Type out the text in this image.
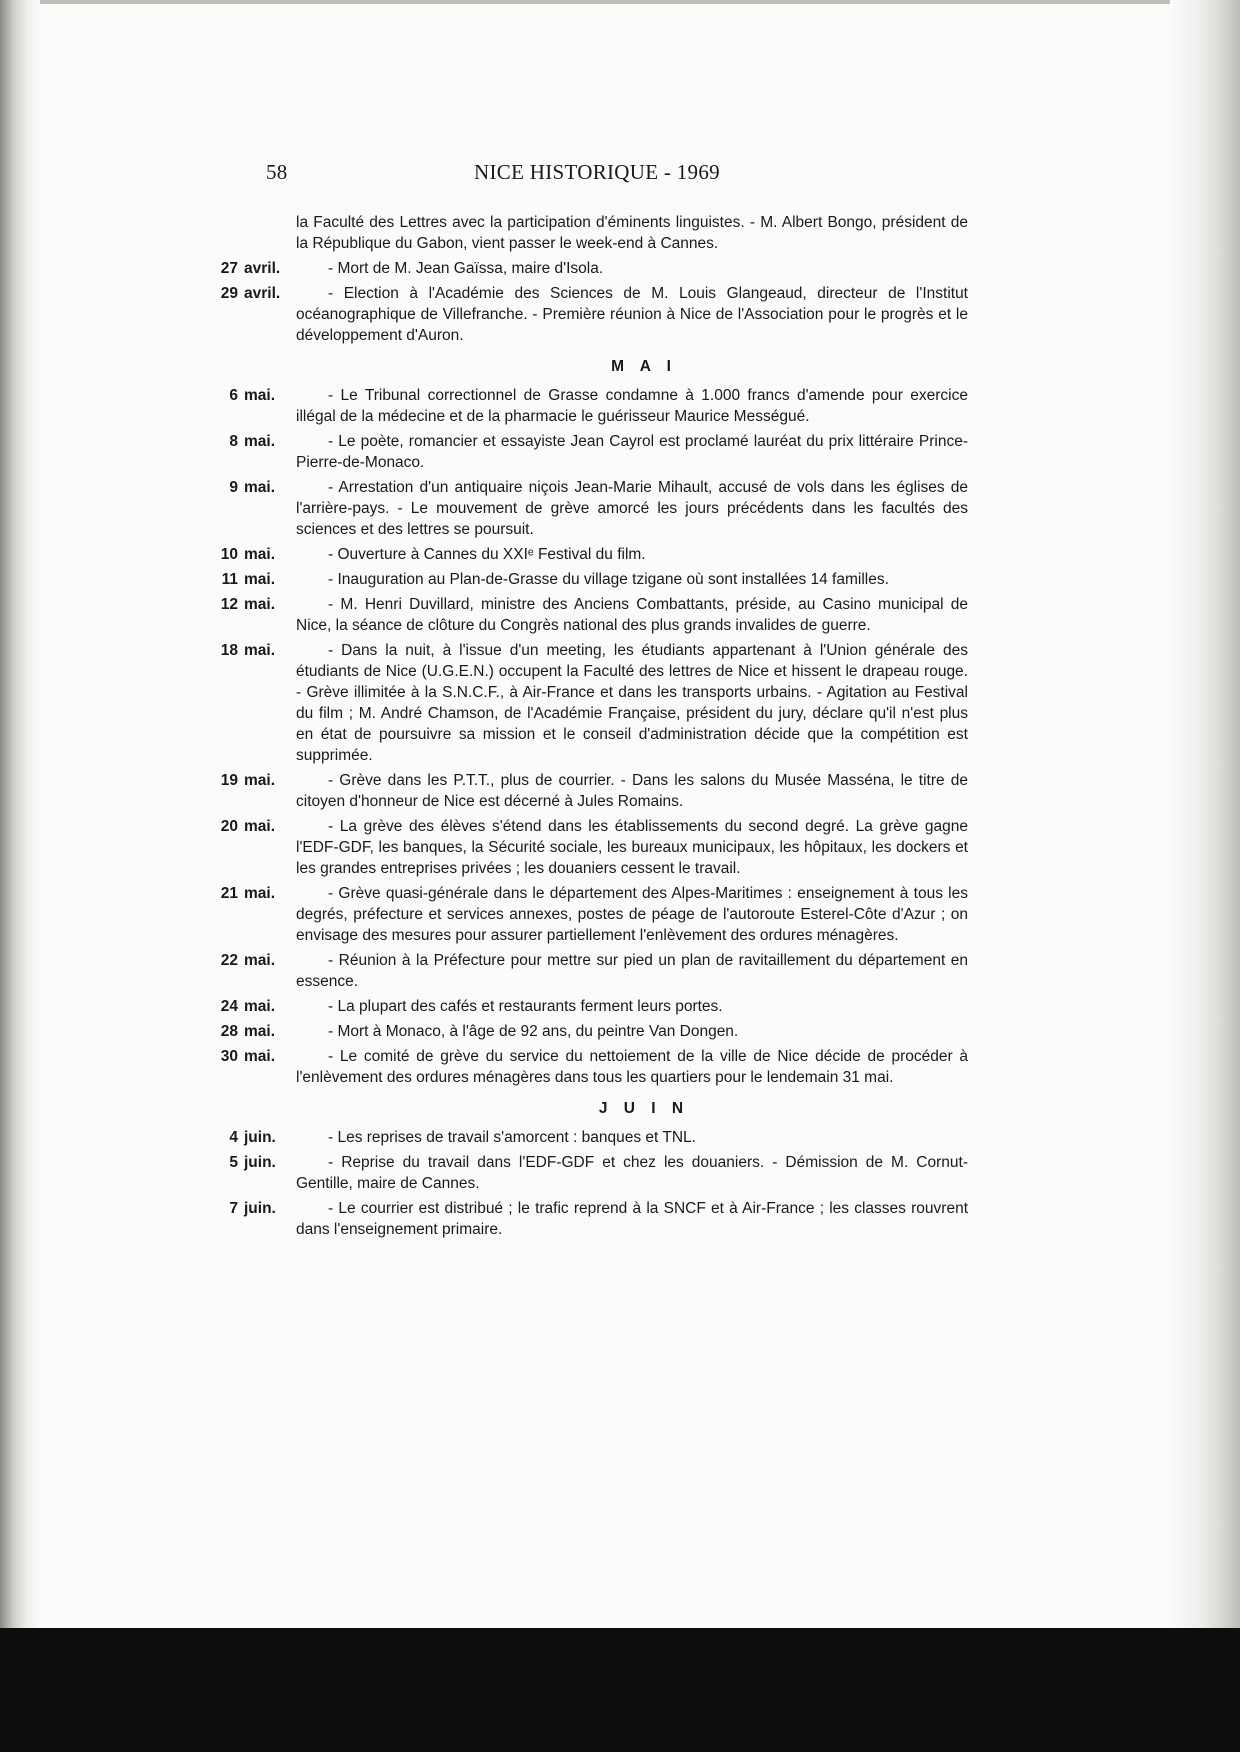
58	NICE HISTORIQUE - 1969
la Faculté des Lettres avec la participation d'éminents linguistes. - M. Albert Bongo, président de la République du Gabon, vient passer le week-end à Cannes.
27 avril.	- Mort de M. Jean Gaïssa, maire d'Isola.
29 avril.	- Election à l'Académie des Sciences de M. Louis Glangeaud, directeur de l'Institut océanographique de Villefranche. - Première réunion à Nice de l'Association pour le progrès et le développement d'Auron.
M A I
6 mai.	- Le Tribunal correctionnel de Grasse condamne à 1.000 francs d'amende pour exercice illégal de la médecine et de la pharmacie le guérisseur Maurice Mességué.
8 mai.	- Le poète, romancier et essayiste Jean Cayrol est proclamé lauréat du prix littéraire Prince-Pierre-de-Monaco.
9 mai.	- Arrestation d'un antiquaire niçois Jean-Marie Mihault, accusé de vols dans les églises de l'arrière-pays. - Le mouvement de grève amorcé les jours précédents dans les facultés des sciences et des lettres se poursuit.
10 mai.	- Ouverture à Cannes du XXIᵉ Festival du film.
11 mai.	- Inauguration au Plan-de-Grasse du village tzigane où sont installées 14 familles.
12 mai.	- M. Henri Duvillard, ministre des Anciens Combattants, préside, au Casino municipal de Nice, la séance de clôture du Congrès national des plus grands invalides de guerre.
18 mai.	- Dans la nuit, à l'issue d'un meeting, les étudiants appartenant à l'Union générale des étudiants de Nice (U.G.E.N.) occupent la Faculté des lettres de Nice et hissent le drapeau rouge. - Grève illimitée à la S.N.C.F., à Air-France et dans les transports urbains. - Agitation au Festival du film ; M. André Chamson, de l'Académie Française, président du jury, déclare qu'il n'est plus en état de poursuivre sa mission et le conseil d'administration décide que la compétition est supprimée.
19 mai.	- Grève dans les P.T.T., plus de courrier. - Dans les salons du Musée Masséna, le titre de citoyen d'honneur de Nice est décerné à Jules Romains.
20 mai.	- La grève des élèves s'étend dans les établissements du second degré. La grève gagne l'EDF-GDF, les banques, la Sécurité sociale, les bureaux municipaux, les hôpitaux, les dockers et les grandes entreprises privées ; les douaniers cessent le travail.
21 mai.	- Grève quasi-générale dans le département des Alpes-Maritimes : enseignement à tous les degrés, préfecture et services annexes, postes de péage de l'autoroute Esterel-Côte d'Azur ; on envisage des mesures pour assurer partiellement l'enlèvement des ordures ménagères.
22 mai.	- Réunion à la Préfecture pour mettre sur pied un plan de ravitaillement du département en essence.
24 mai.	- La plupart des cafés et restaurants ferment leurs portes.
28 mai.	- Mort à Monaco, à l'âge de 92 ans, du peintre Van Dongen.
30 mai.	- Le comité de grève du service du nettoiement de la ville de Nice décide de procéder à l'enlèvement des ordures ménagères dans tous les quartiers pour le lendemain 31 mai.
J U I N
4 juin.	- Les reprises de travail s'amorcent : banques et TNL.
5 juin.	- Reprise du travail dans l'EDF-GDF et chez les douaniers. - Démission de M. Cornut-Gentille, maire de Cannes.
7 juin.	- Le courrier est distribué ; le trafic reprend à la SNCF et à Air-France ; les classes rouvrent dans l'enseignement primaire.
